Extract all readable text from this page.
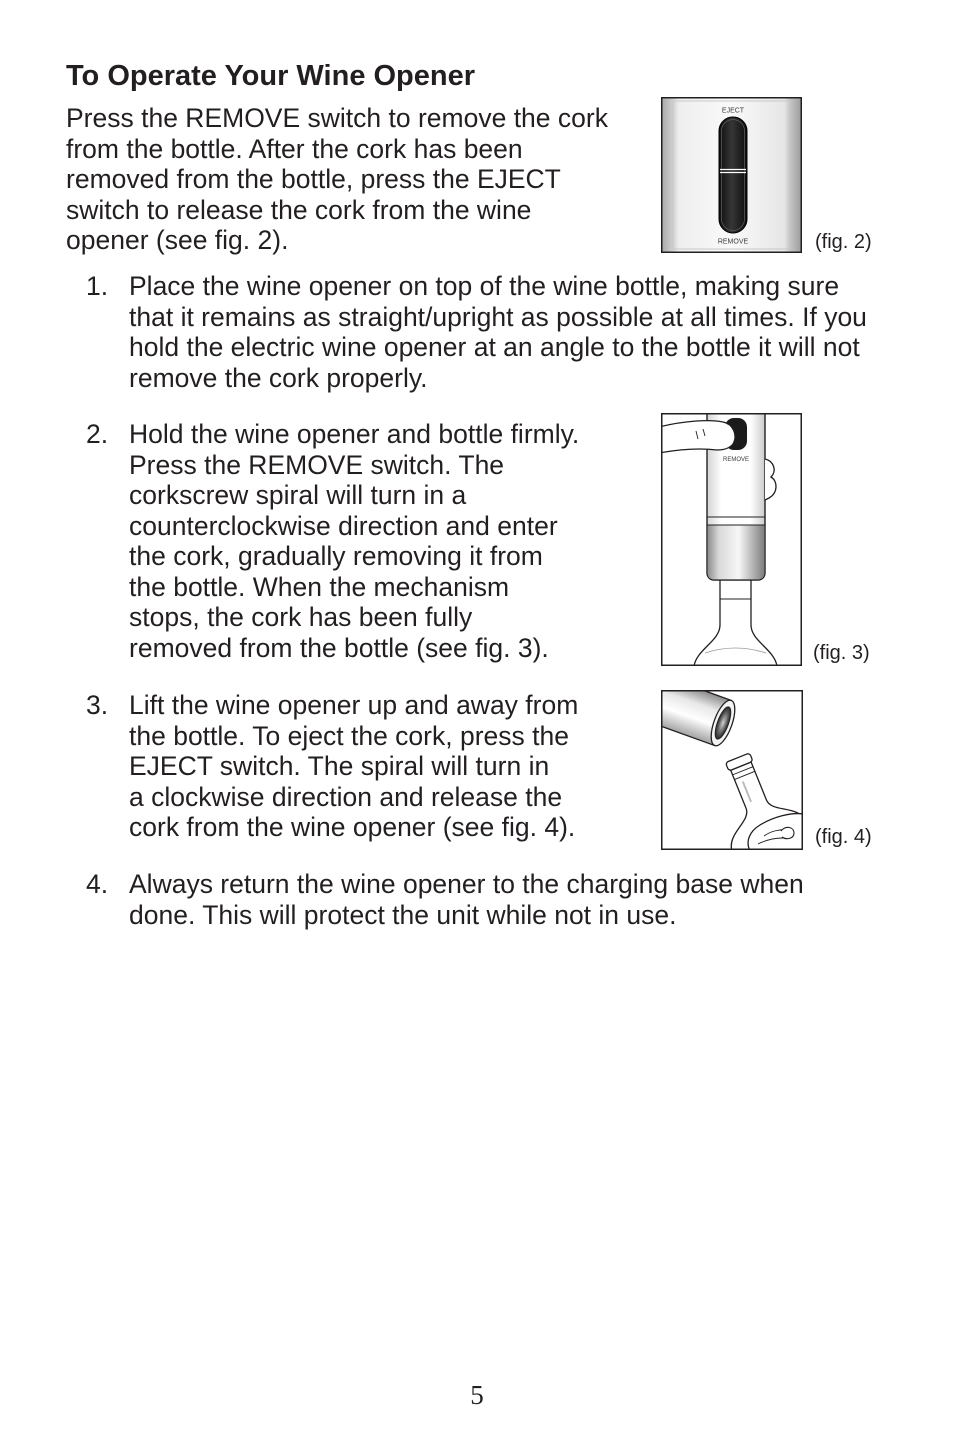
To Operate Your Wine Opener
Press the REMOVE switch to remove the cork
from the bottle. After the cork has been
removed from the bottle, press the EJECT
switch to release the cork from the wine
opener (see fig. 2).
EJECT
REMOVE	(fig. 2)
1. Place the wine opener on top of the wine bottle, making sure
that it remains as straight/upright as possible at all times. If you
hold the electric wine opener at an angle to the bottle it will not
remove the cork properly.
2. Hold the wine opener and bottle firmly.
Press the REMOVE switch. The
corkscrew spiral will turn in a
counterclockwise direction and enter
the cork, gradually removing it from
the bottle. When the mechanism
stops, the cork has been fully
removed from the bottle (see fig. 3).
REMOVE
(fig. 3)
3. Lift the wine opener up and away from
the bottle. To eject the cork, press the
EJECT switch. The spiral will turn in
a clockwise direction and release the
cork from the wine opener (see fig. 4).	(fig. 4)
4. Always return the wine opener to the charging base when
done. This will protect the unit while not in use.
5
